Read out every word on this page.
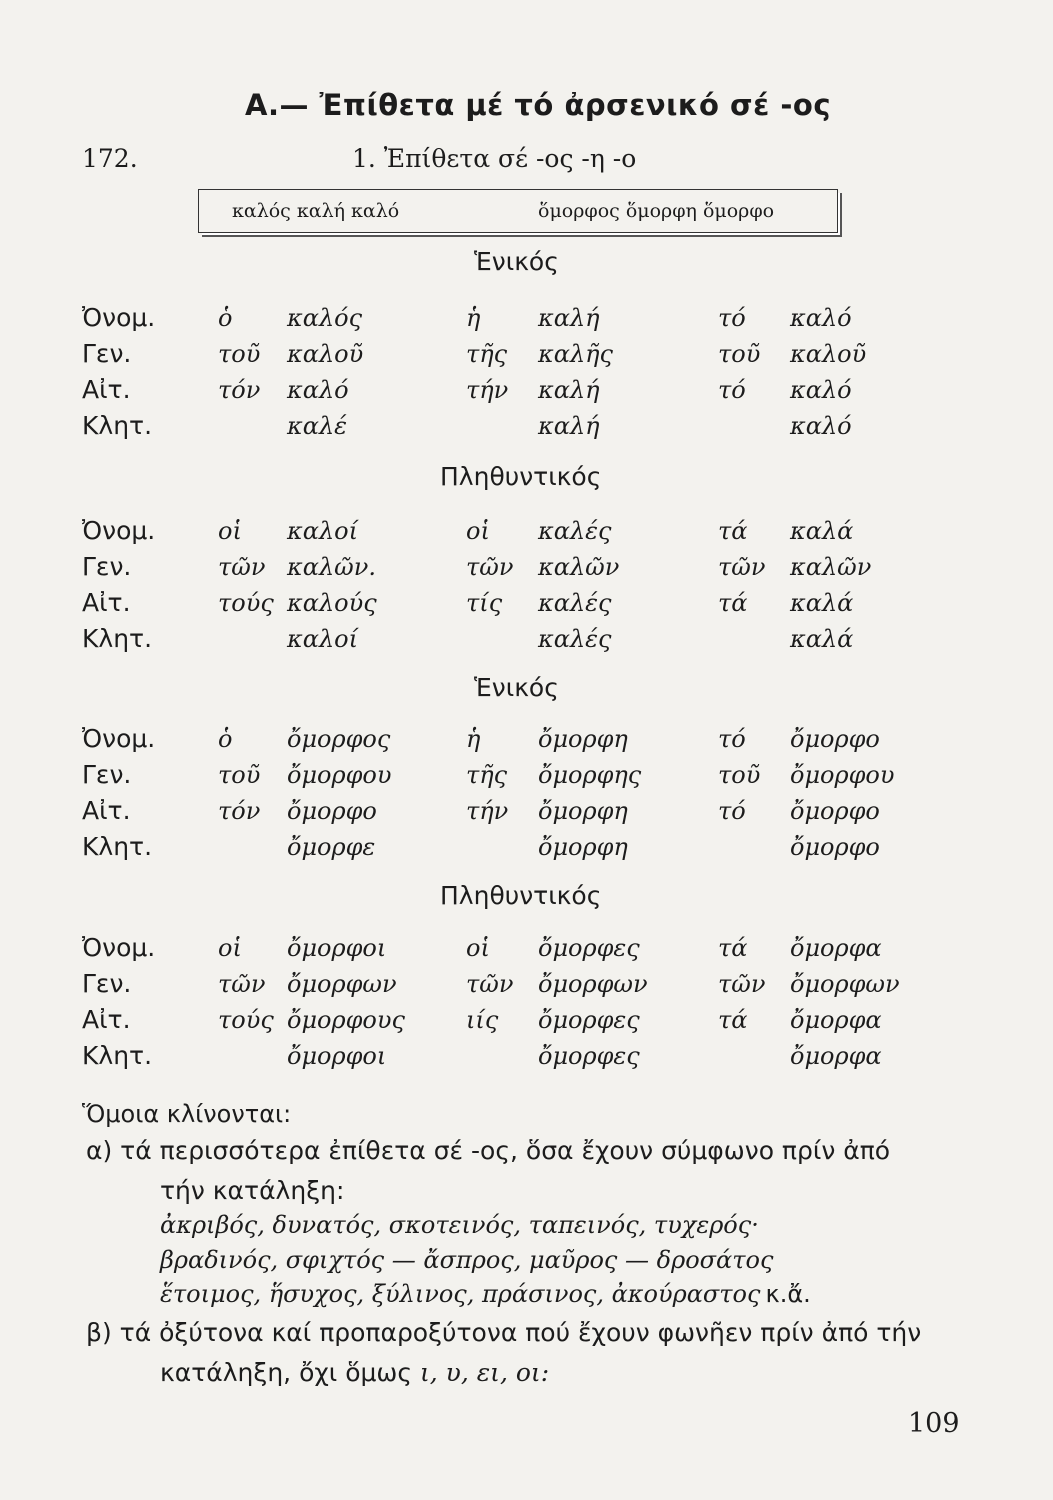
Α.— Ἐπίθετα μέ τό ἀρσενικό σέ -ος
172.	1. Ἐπίθετα σέ -ος -η -ο
καλός καλή καλό	ὅμορφος ὅμορφη ὅμορφο
Ἑνικός
Ὀνομ.	ὁ καλός	ἡ καλή	τό καλό
Γεν.	τοῦ καλοῦ	τῆς καλῆς	τοῦ καλοῦ
Αἰτ.	τόν καλό	τήν καλή	τό καλό
Κλητ.	καλέ	καλή	καλό
Πληθυντικός
Ὀνομ.	οἱ καλοί	οἱ καλές	τά καλά
Γεν.	τῶν καλῶν.	τῶν καλῶν	τῶν καλῶν
Αἰτ.	τούς καλούς	τίς καλές	τά καλά
Κλητ.	καλοί	καλές	καλά
Ἑνικός
Ὀνομ.	ὁ ὄμορφος	ἡ ὄμορφη	τό ὄμορφο
Γεν.	τοῦ ὄμορφου	τῆς ὄμορφης	τοῦ ὄμορφου
Αἰτ.	τόν ὄμορφο	τήν ὄμορφη	τό ὄμορφο
Κλητ.	ὄμορφε	ὄμορφη	ὄμορφο
Πληθυντικός
Ὀνομ.	οἱ ὄμορφοι	οἱ ὄμορφες	τά ὄμορφα
Γεν.	τῶν ὄμορφων	τῶν ὄμορφων	τῶν ὄμορφων
Αἰτ.	τούς ὄμορφους	ιίς ὄμορφες	τά ὄμορφα
Κλητ.	ὄμορφοι	ὄμορφες	ὄμορφα
Ὅμοια κλίνονται:
α) τά περισσότερα ἐπίθετα σέ -ος, ὅσα ἔχουν σύμφωνο πρίν ἀπό
τήν κατάληξη:
ἀκριβός, δυνατός, σκοτεινός, ταπεινός, τυχερός·
βραδινός, σφιχτός — ἄσπρος, μαῦρος — δροσάτος
ἕτοιμος, ἥσυχος, ξύλινος, πράσινος, ἀκούραστος κ.ἄ.
β) τά ὀξύτονα καί προπαροξύτονα πού ἔχουν φωνῆεν πρίν ἀπό τήν
κατάληξη, ὄχι ὅμως ι, υ, ει, οι:
109
